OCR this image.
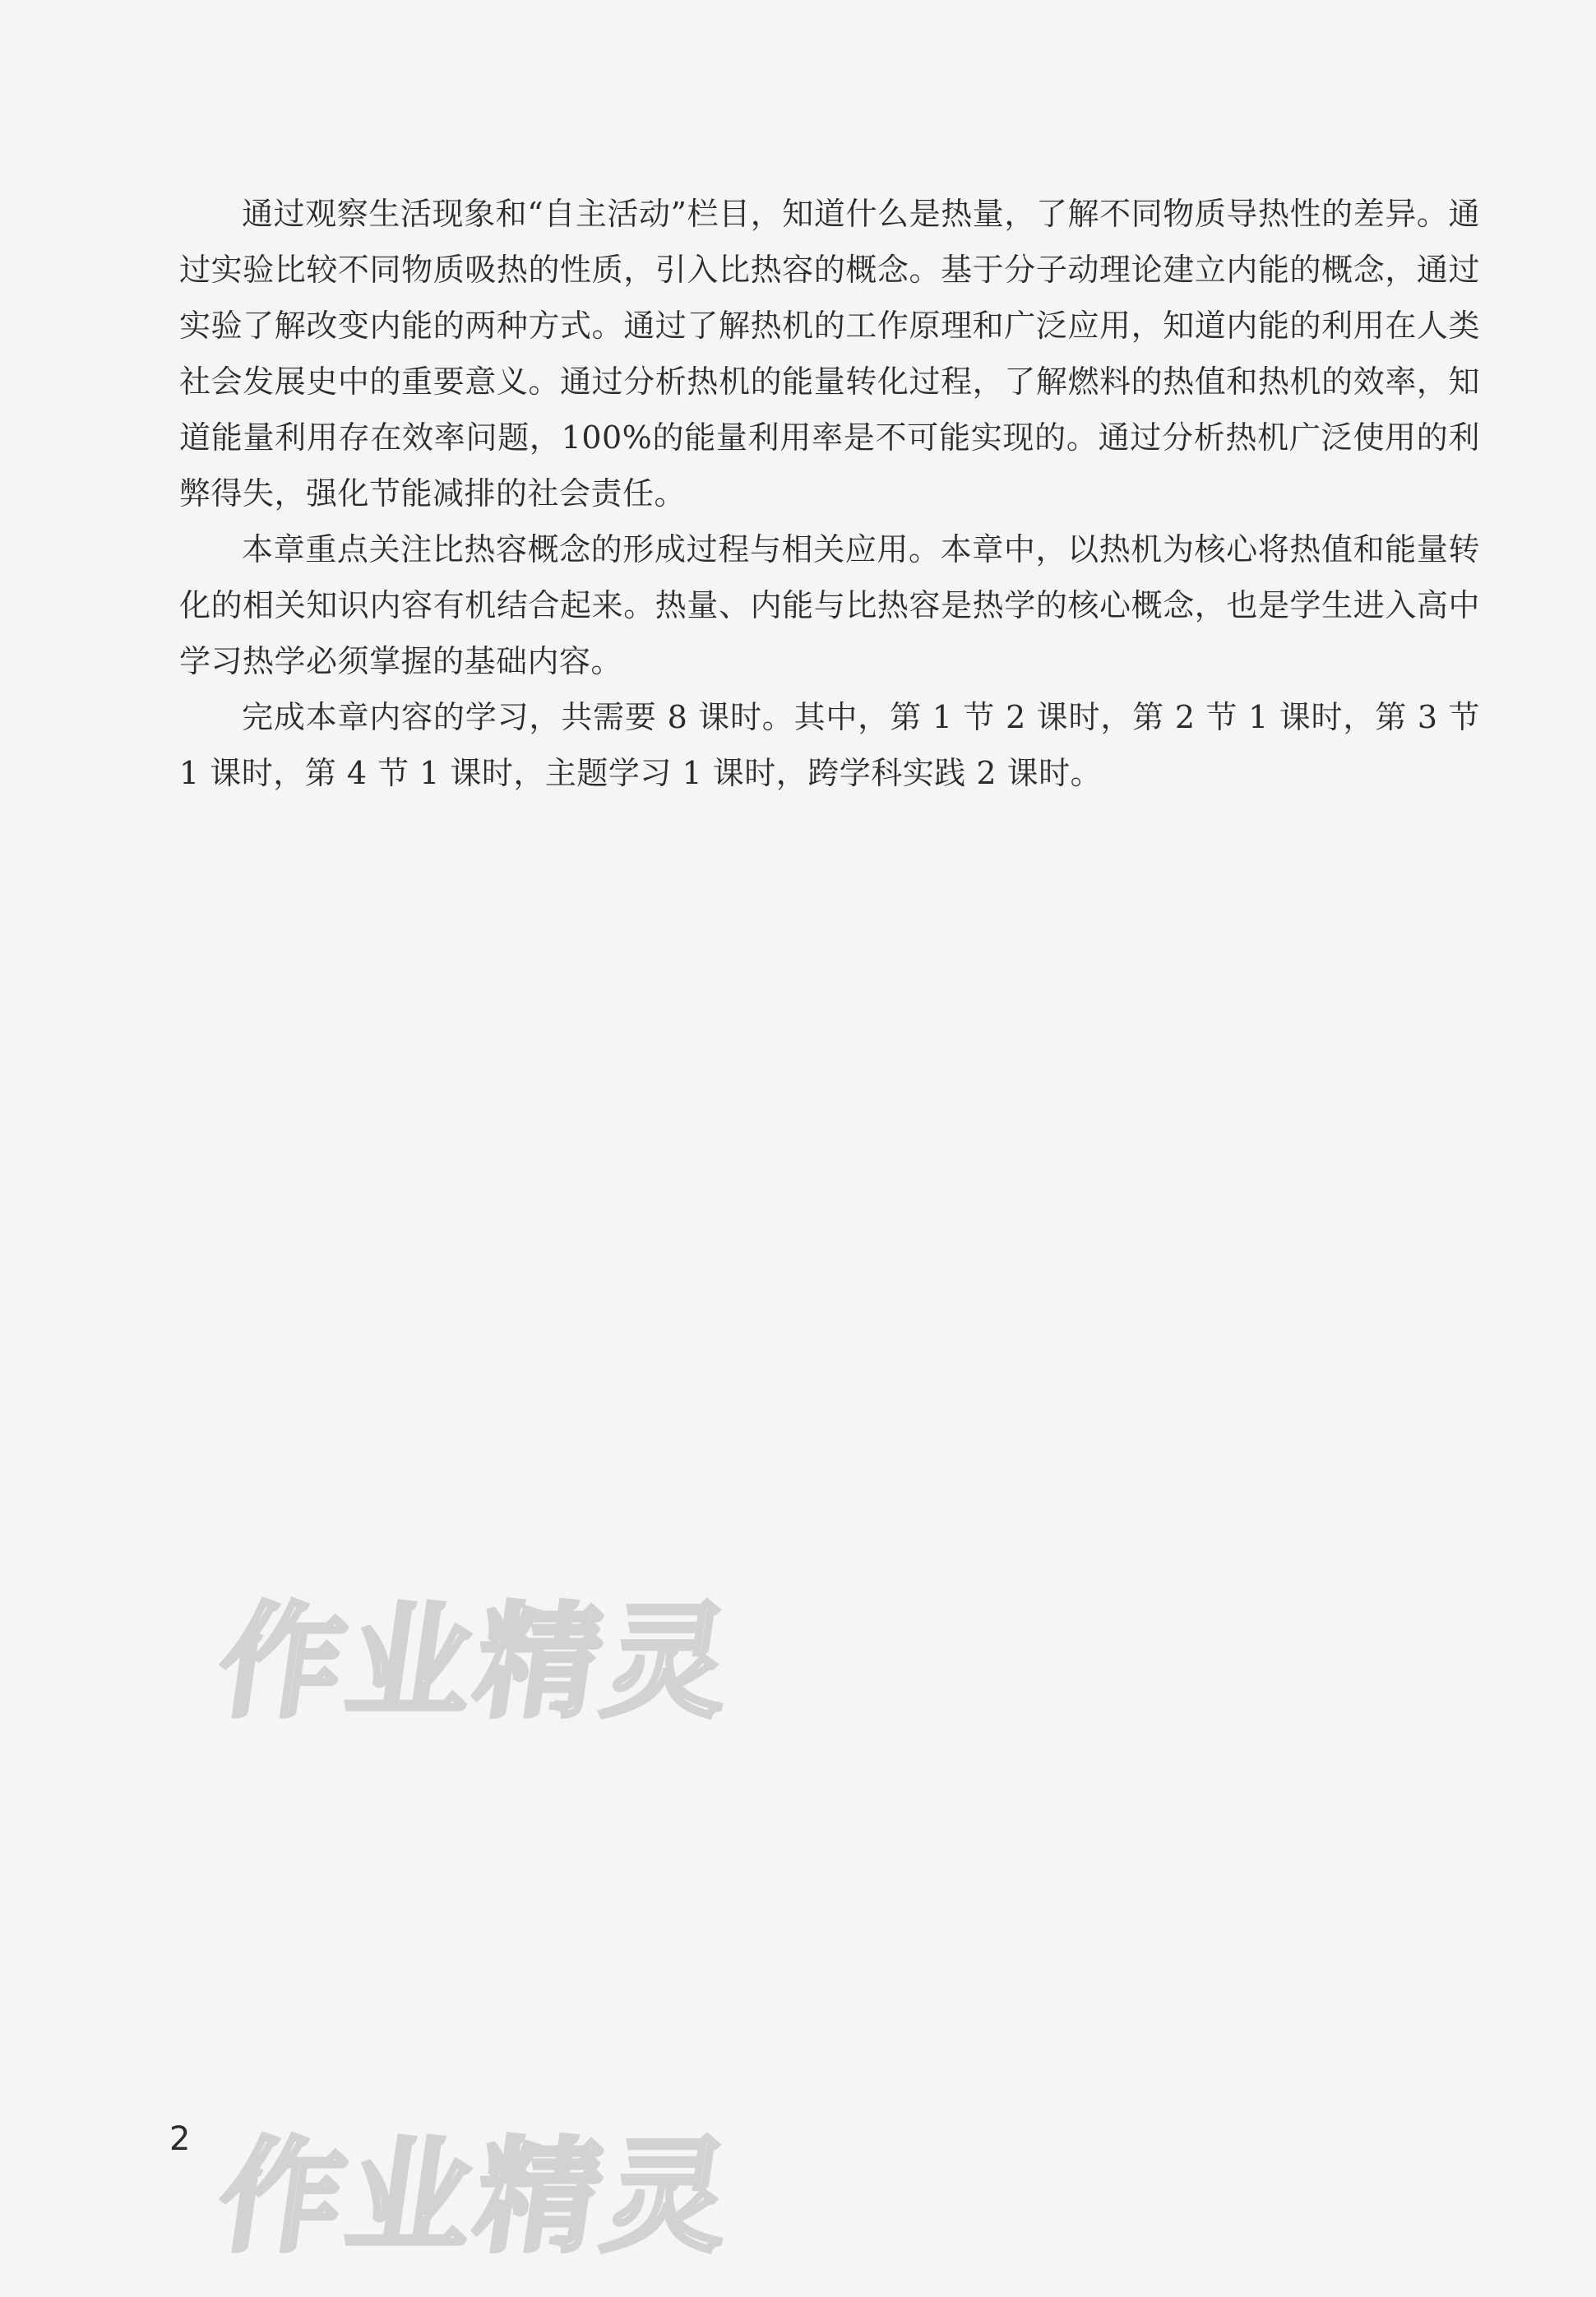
通过观察生活现象和“自主活动”栏目，知道什么是热量，了解不同物质导热性的差异。通过实验比较不同物质吸热的性质，引入比热容的概念。基于分子动理论建立内能的概念，通过实验了解改变内能的两种方式。通过了解热机的工作原理和广泛应用，知道内能的利用在人类社会发展史中的重要意义。通过分析热机的能量转化过程，了解燃料的热值和热机的效率，知道能量利用存在效率问题，100%的能量利用率是不可能实现的。通过分析热机广泛使用的利弊得失，强化节能减排的社会责任。

本章重点关注比热容概念的形成过程与相关应用。本章中，以热机为核心将热值和能量转化的相关知识内容有机结合起来。热量、内能与比热容是热学的核心概念，也是学生进入高中学习热学必须掌握的基础内容。

完成本章内容的学习，共需要 8 课时。其中，第 1 节 2 课时，第 2 节 1 课时，第 3 节 1 课时，第 4 节 1 课时，主题学习 1 课时，跨学科实践 2 课时。

作业精灵
2 作业精灵
